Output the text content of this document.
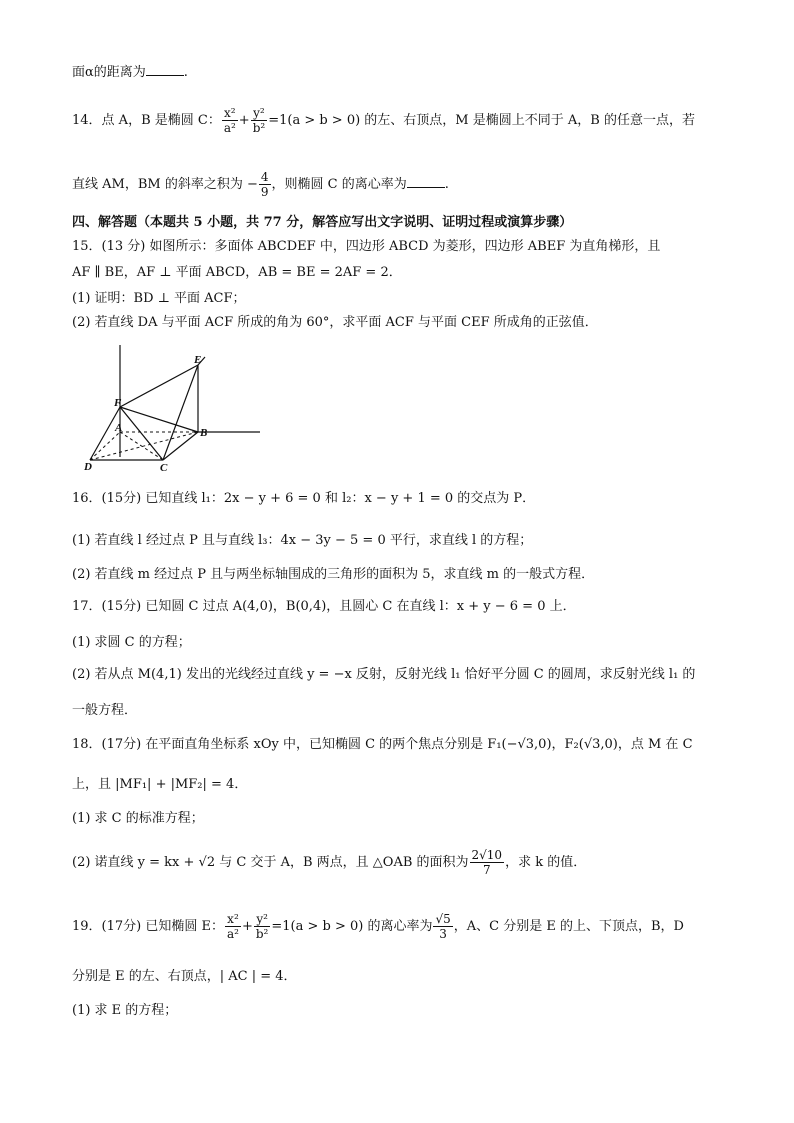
面α的距离为	.
14．点 A，B 是椭圆 C： $\frac{\text{x²}}{\text{a²}} + \frac{\text{y²}}{\text{b²}} =1(a > b > 0)$ 的左、右顶点，M 是椭圆上不同于 A，B 的任意一点，若
直线 AM，BM 的斜率之积为 − $\frac{4}{9}$ ，则椭圆 C 的离心率为	.
四、解答题（本题共 5 小题，共 77 分，解答应写出文字说明、证明过程或演算步骤）
15．(13 分) 如图所示：多面体 ABCDEF 中，四边形 ABCD 为菱形，四边形 ABEF 为直角梯形，且
AF ∥ BE，AF ⊥ 平面 ABCD，AB = BE = 2AF = 2．
(1) 证明：BD ⊥ 平面 ACF；
(2) 若直线 DA 与平面 ACF 所成的角为 60°，求平面 ACF 与平面 CEF 所成角的正弦值．
E
F
A	B
C
D
16．(15分) 已知直线 l₁：2x − y + 6 = 0 和 l₂：x − y + 1 = 0 的交点为 P．
(1) 若直线 l 经过点 P 且与直线 l₃：4x − 3y − 5 = 0 平行，求直线 l 的方程；
(2) 若直线 m 经过点 P 且与两坐标轴围成的三角形的面积为 5，求直线 m 的一般式方程．
17．(15分) 已知圆 C 过点 A(4,0)，B(0,4)，且圆心 C 在直线 l：x + y − 6 = 0 上．
(1) 求圆 C 的方程；
(2) 若从点 M(4,1) 发出的光线经过直线 y = −x 反射，反射光线 l₁ 恰好平分圆 C 的圆周，求反射光线 l₁ 的
一般方程．
18．(17分) 在平面直角坐标系 xOy 中，已知椭圆 C 的两个焦点分别是 F₁(−√3,0)，F₂(√3,0)，点 M 在 C
上，且 |MF₁| + |MF₂| = 4．
(1) 求 C 的标准方程；
(2) 诺直线 y = kx + √2 与 C 交于 A，B 两点，且 △OAB 的面积为 $\frac{2√10}{7}$ ，求 k 的值．
19．(17分) 已知椭圆 E： $\frac{\text{x²}}{\text{a²}} + \frac{\text{y²}}{\text{b²}} =1(a > b > 0)$ 的离心率为 $\frac{√5}{3}$ ，A、C 分别是 E 的上、下顶点，B，D
分别是 E 的左、右顶点，| AC | = 4．
(1) 求 E 的方程；
